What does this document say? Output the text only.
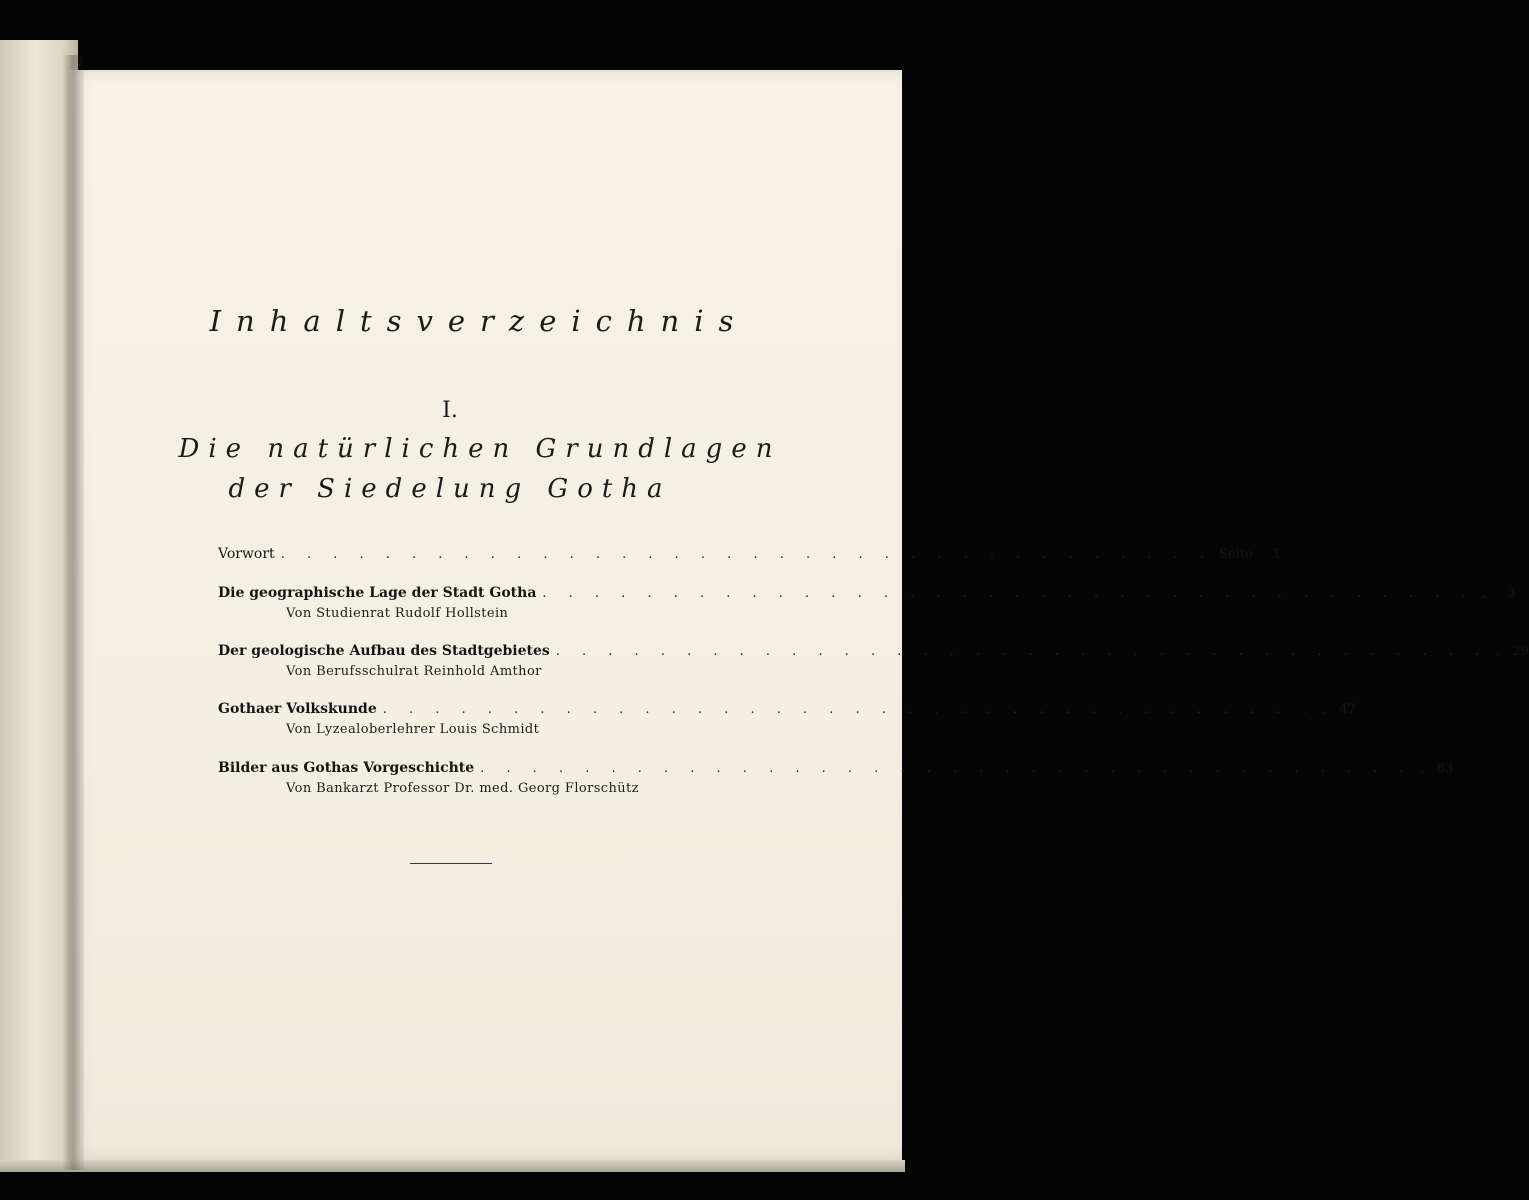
Inhaltsverzeichnis
I.
Die natürlichen Grundlagen
der Siedelung Gotha
Vorwort . . . . . . . . . . . . . . . . . . . . . . . . . . . . . . . . . . . . Seite	1
Die geographische Lage der Stadt Gotha . . . . . . . . . . . . . . . . . . . . . . . . . . . . . . . . . . . . „	3
Von Studienrat Rudolf Hollstein
Der geologische Aufbau des Stadtgebietes . . . . . . . . . . . . . . . . . . . . . . . . . . . . . . . . . . . . „ 29
Von Berufsschulrat Reinhold Amthor
Gothaer Volkskunde . . . . . . . . . . . . . . . . . . . . . . . . . . . . . . . . . . . . „ 47
Von Lyzealoberlehrer Louis Schmidt
Bilder aus Gothas Vorgeschichte . . . . . . . . . . . . . . . . . . . . . . . . . . . . . . . . . . . . „ 83
Von Bankarzt Professor Dr. med. Georg Florschütz
